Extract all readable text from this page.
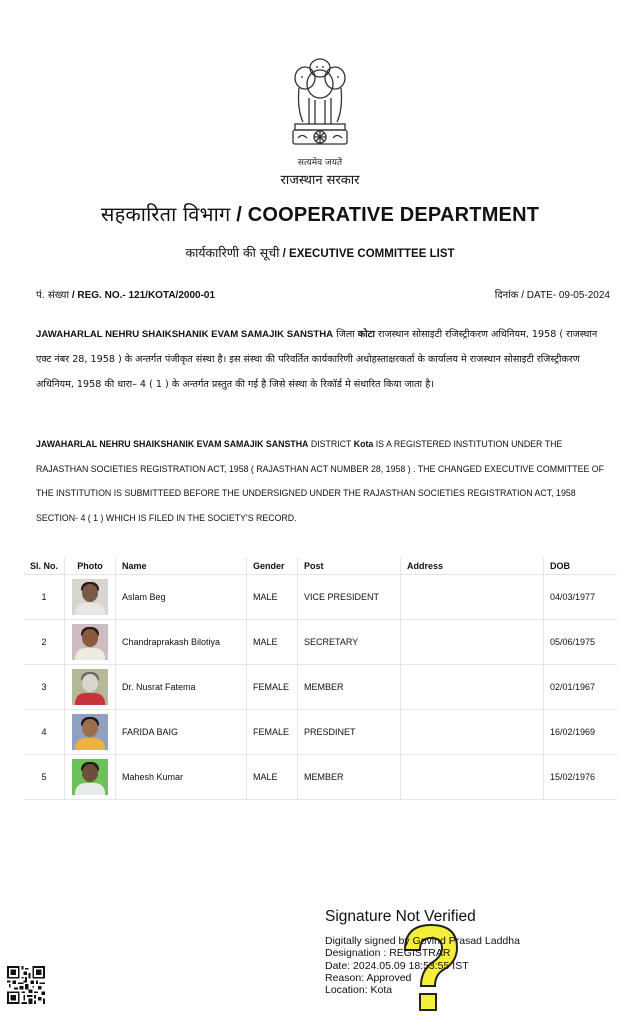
सत्यमेव जयते
राजस्थान सरकार
सहकारिता विभाग / COOPERATIVE DEPARTMENT
कार्यकारिणी की सूची / EXECUTIVE COMMITTEE LIST
पं. संख्या / REG. NO.- 121/KOTA/2000-01	दिनांक / DATE- 09-05-2024
JAWAHARLAL NEHRU SHAIKSHANIK EVAM SAMAJIK SANSTHA जिला कोटा राजस्थान सोसाइटी रजिस्ट्रीकरण अधिनियम, 1958 ( राजस्थान एक्ट नंबर 28, 1958 ) के अन्तर्गत पंजीकृत संस्था है। इस संस्था की परिवर्तित कार्यकारिणी अधोहस्ताक्षरकर्ता के कार्यालय मे राजस्थान सोसाइटी रजिस्ट्रीकरण अधिनियम, 1958 की धारा– 4 ( 1 ) के अन्तर्गत प्रस्तुत की गई है जिसे संस्था के रिकॉर्ड मे संधारित किया जाता है।
JAWAHARLAL NEHRU SHAIKSHANIK EVAM SAMAJIK SANSTHA DISTRICT Kota IS A REGISTERED INSTITUTION UNDER THE RAJASTHAN SOCIETIES REGISTRATION ACT, 1958 ( RAJASTHAN ACT NUMBER 28, 1958 ) . THE CHANGED EXECUTIVE COMMITTEE OF THE INSTITUTION IS SUBMITTEED BEFORE THE UNDERSIGNED UNDER THE RAJASTHAN SOCIETIES REGISTRATION ACT, 1958
SECTION- 4 ( 1 ) WHICH IS FILED IN THE SOCIETY'S RECORD.
Sl. No.	Photo	Name	Gender	Post	Address	DOB
1		Aslam Beg	MALE	VICE PRESIDENT		04/03/1977
2		Chandraprakash Bilotiya	MALE	SECRETARY		05/06/1975
3		Dr. Nusrat Fatema	FEMALE	MEMBER		02/01/1967
4		FARIDA BAIG	FEMALE	PRESDINET		16/02/1969
5		Mahesh Kumar	MALE	MEMBER		15/02/1976
Signature Not Verified
Digitally signed by Govind Prasad Laddha
Designation : REGISTRAR
Date: 2024.05.09 18:53:55 IST
Reason: Approved
Location: Kota
